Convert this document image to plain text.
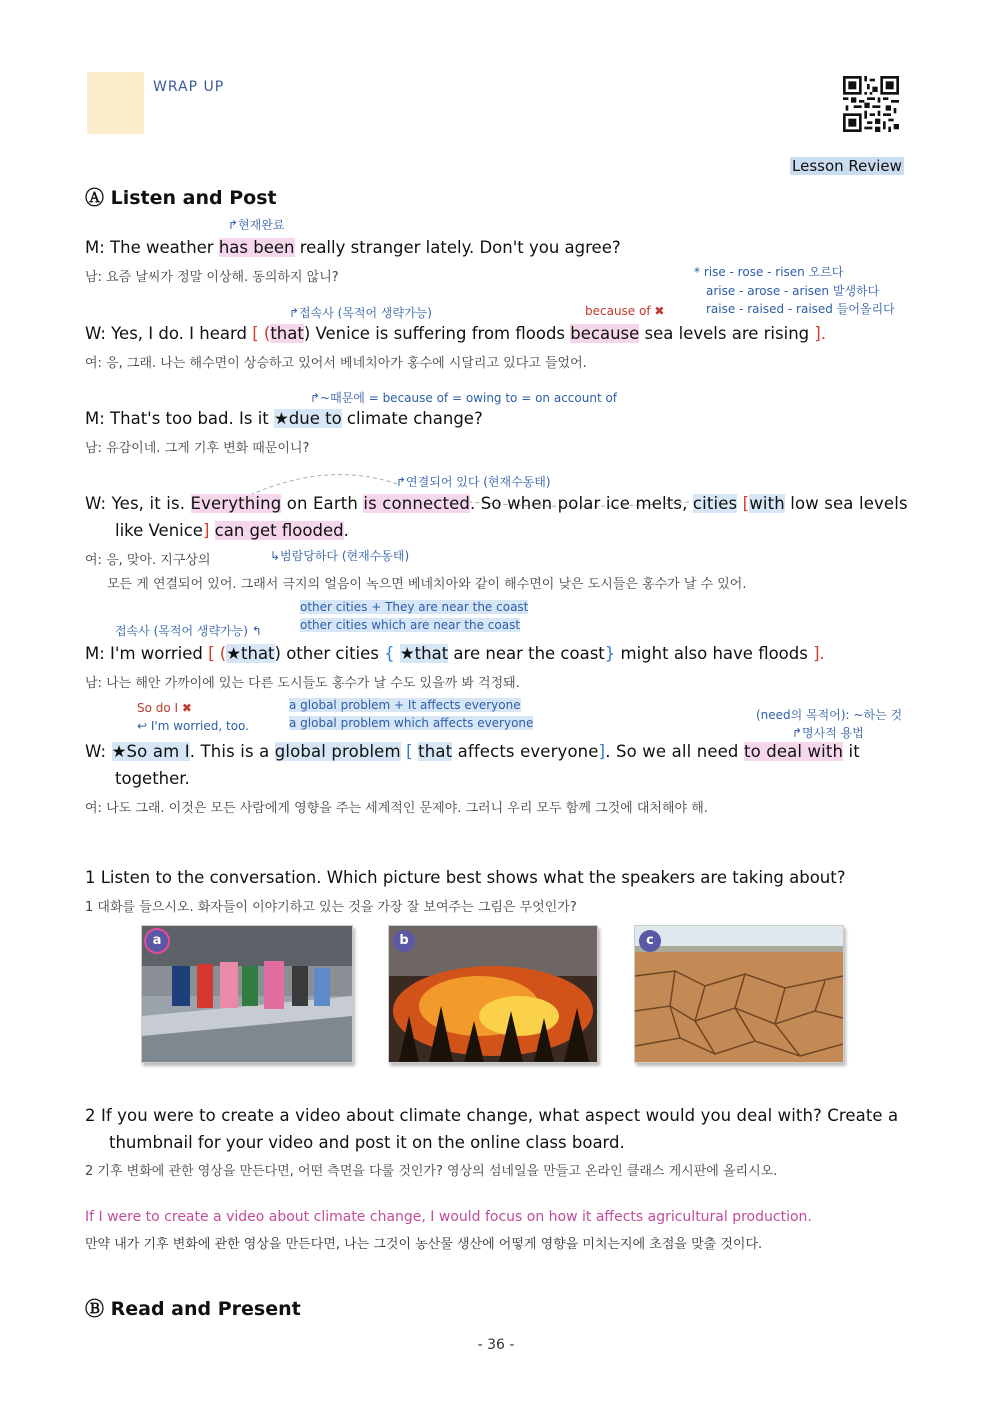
WRAP UP
Lesson Review
Ⓐ Listen and Post
↱현재완료
M: The weather has been really stranger lately. Don't you agree?
남: 요즘 날씨가 정말 이상해. 동의하지 않니?	* rise - rose - risen 오르다
arise - arose - arisen 발생하다
raise - raised - raised 들어올리다
↱접속사 (목적어 생략가능)	because of ✖
W: Yes, I do. I heard [ (that) Venice is suffering from floods because sea levels are rising ].
여: 응, 그래. 나는 해수면이 상승하고 있어서 베네치아가 홍수에 시달리고 있다고 들었어.
↱~때문에 = because of = owing to = on account of
M: That's too bad. Is it ★due to climate change?
남: 유감이네. 그게 기후 변화 때문이니?
↱연결되어 있다 (현재수동태)
W: Yes, it is. Everything on Earth is connected. So when polar ice melts, cities [with low sea levels
like Venice] can get flooded.
여: 응, 맞아. 지구상의	↳범람당하다 (현재수동태)
모든 게 연결되어 있어. 그래서 극지의 얼음이 녹으면 베네치아와 같이 해수면이 낮은 도시들은 홍수가 날 수 있어.
other cities + They are near the coast
other cities which are near the coast
접속사 (목적어 생략가능) ↰
M: I'm worried [ (★that) other cities { ★that are near the coast} might also have floods ].
남: 나는 해안 가까이에 있는 다른 도시들도 홍수가 날 수도 있을까 봐 걱정돼.
So do I ✖
↩ I'm worried, too.
a global problem + It affects everyone
a global problem which affects everyone
(need의 목적어): ~하는 것
↱명사적 용법
W: ★So am I. This is a global problem [ that affects everyone]. So we all need to deal with it
together.
여: 나도 그래. 이것은 모든 사람에게 영향을 주는 세계적인 문제야. 그러니 우리 모두 함께 그것에 대처해야 해.
1 Listen to the conversation. Which picture best shows what the speakers are taking about?
1 대화를 들으시오. 화자들이 이야기하고 있는 것을 가장 잘 보여주는 그림은 무엇인가?
a	b	c
2 If you were to create a video about climate change, what aspect would you deal with? Create a
thumbnail for your video and post it on the online class board.
2 기후 변화에 관한 영상을 만든다면, 어떤 측면을 다룰 것인가? 영상의 섬네일을 만들고 온라인 클래스 게시판에 올리시오.
If I were to create a video about climate change, I would focus on how it affects agricultural production.
만약 내가 기후 변화에 관한 영상을 만든다면, 나는 그것이 농산물 생산에 어떻게 영향을 미치는지에 초점을 맞출 것이다.
Ⓑ Read and Present
- 36 -
